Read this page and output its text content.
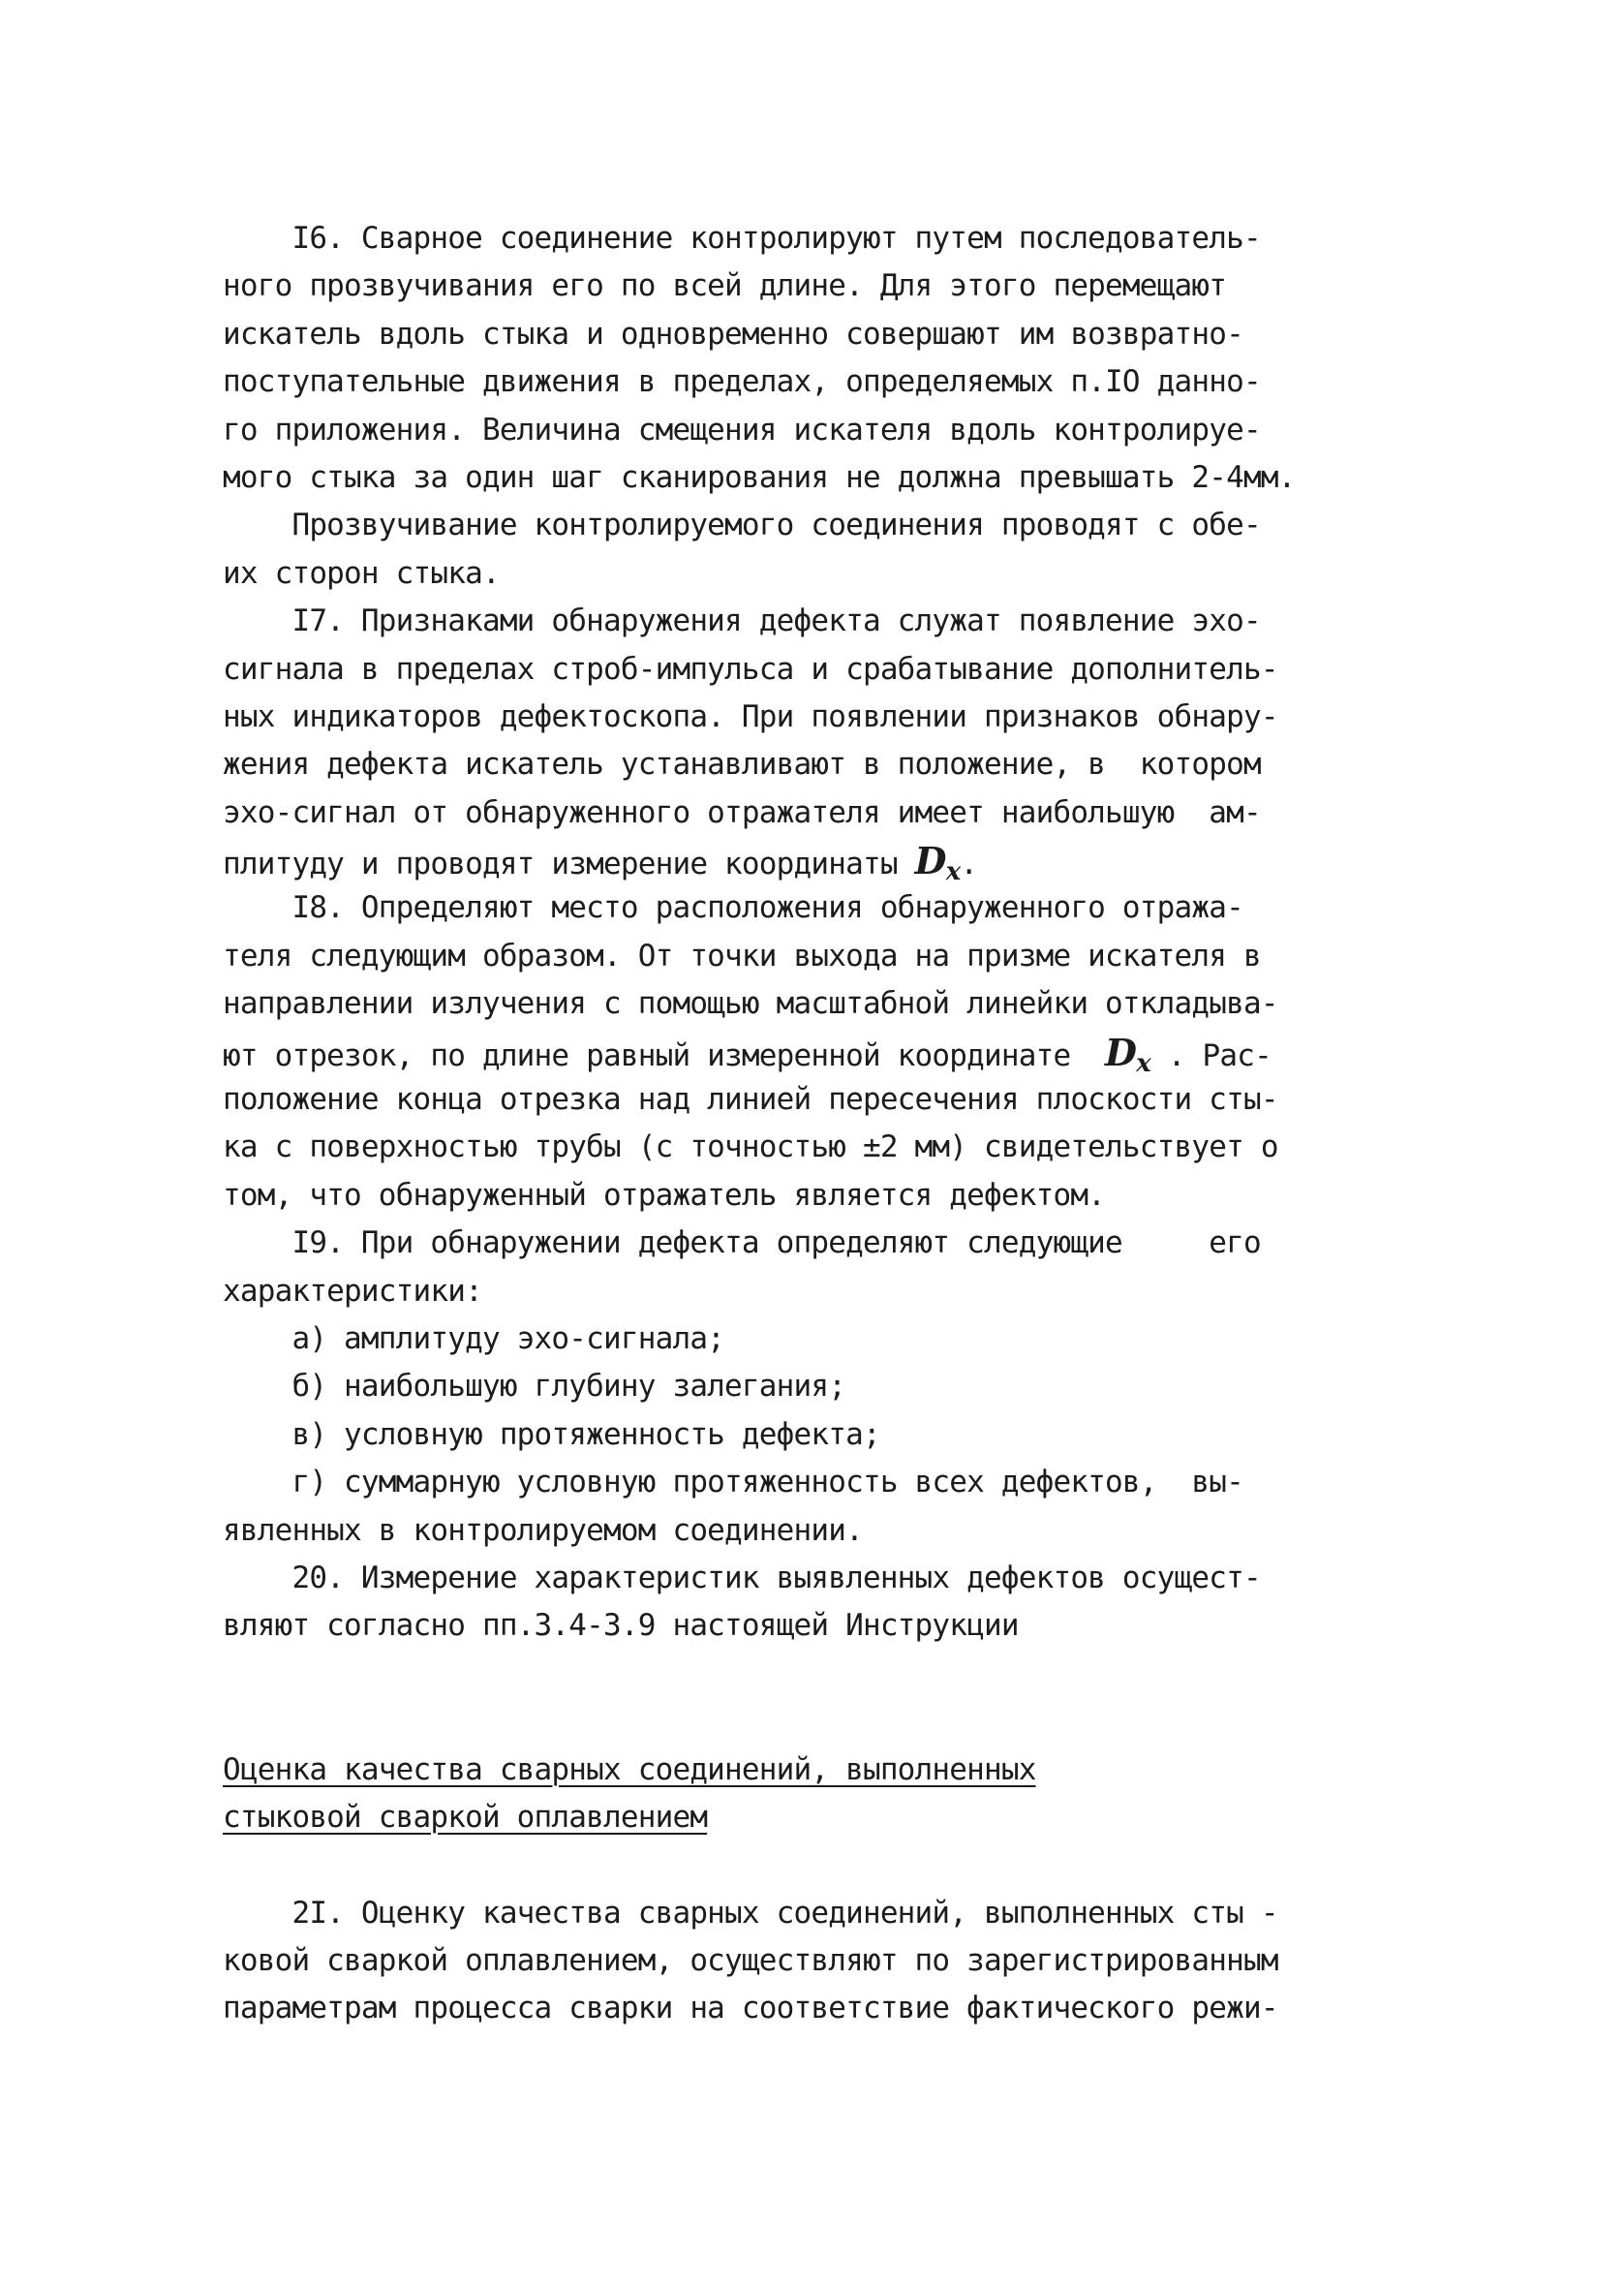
I6. Сварное соединение контролируют путем последователь-
ного прозвучивания его по всей длине. Для этого перемещают
искатель вдоль стыка и одновременно совершают им возвратно-
поступательные движения в пределах, определяемых п.IO данно-
го приложения. Величина смещения искателя вдоль контролируе-
мого стыка за один шаг сканирования не должна превышать 2-4мм.
Прозвучивание контролируемого соединения проводят с обе-
их сторон стыка.
I7. Признаками обнаружения дефекта служат появление эхо-
сигнала в пределах строб-импульса и срабатывание дополнитель-
ных индикаторов дефектоскопа. При появлении признаков обнару-
жения дефекта искатель устанавливают в положение, в  котором
эхо-сигнал от обнаруженного отражателя имеет наибольшую  ам-
плитуду и проводят измерение координаты $D_x$.
I8. Определяют место расположения обнаруженного отража-
теля следующим образом. От точки выхода на призме искателя в
направлении излучения с помощью масштабной линейки откладыва-
ют отрезок, по длине равный измеренной координате  $D_x$ . Рас-
положение конца отрезка над линией пересечения плоскости сты-
ка с поверхностью трубы (с точностью ±2 мм) свидетельствует о
том, что обнаруженный отражатель является дефектом.
I9. При обнаружении дефекта определяют следующие     его
характеристики:
а) амплитуду эхо-сигнала;
б) наибольшую глубину залегания;
в) условную протяженность дефекта;
г) суммарную условную протяженность всех дефектов,  вы-
явленных в контролируемом соединении.
20. Измерение характеристик выявленных дефектов осущест-
вляют согласно пп.3.4-3.9 настоящей Инструкции
Оценка качества сварных соединений, выполненных
стыковой сваркой оплавлением
2I. Оценку качества сварных соединений, выполненных сты -
ковой сваркой оплавлением, осуществляют по зарегистрированным
параметрам процесса сварки на соответствие фактического режи-
